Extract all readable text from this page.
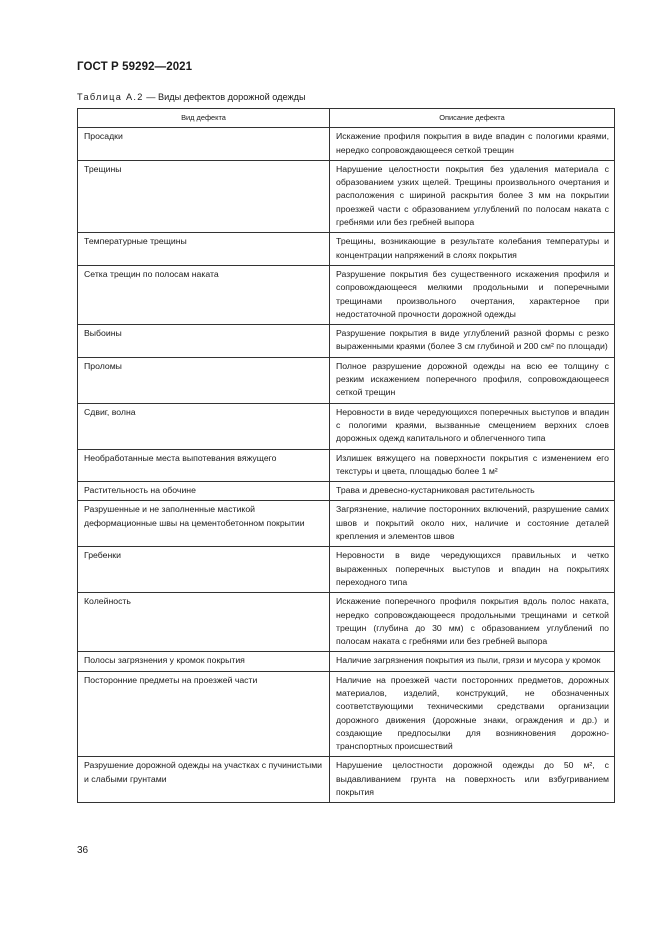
ГОСТ Р 59292—2021
Таблица А.2 — Виды дефектов дорожной одежды
Вид дефекта	Описание дефекта
Просадки	Искажение профиля покрытия в виде впадин с пологими краями, нередко сопровождающееся сеткой трещин
Трещины	Нарушение целостности покрытия без удаления материала с образованием узких щелей. Трещины произвольного очертания и расположения с шириной раскрытия более 3 мм на покрытии проезжей части с образованием углублений по полосам наката с гребнями или без гребней выпора
Температурные трещины	Трещины, возникающие в результате колебания температуры и концентрации напряжений в слоях покрытия
Сетка трещин по полосам наката	Разрушение покрытия без существенного искажения профиля и сопровождающееся мелкими продольными и поперечными трещинами произвольного очертания, характерное при недостаточной прочности дорожной одежды
Выбоины	Разрушение покрытия в виде углублений разной формы с резко выраженными краями (более 3 см глубиной и 200 см² по площади)
Проломы	Полное разрушение дорожной одежды на всю ее толщину с резким искажением поперечного профиля, сопровождающееся сеткой трещин
Сдвиг, волна	Неровности в виде чередующихся поперечных выступов и впадин с пологими краями, вызванные смещением верхних слоев дорожных одежд капитального и облегченного типа
Необработанные места выпотевания вяжущего	Излишек вяжущего на поверхности покрытия с изменением его текстуры и цвета, площадью более 1 м²
Растительность на обочине	Трава и древесно-кустарниковая растительность
Разрушенные и не заполненные мастикой деформационные швы на цементобетонном покрытии	Загрязнение, наличие посторонних включений, разрушение самих швов и покрытий около них, наличие и состояние деталей крепления и элементов швов
Гребенки	Неровности в виде чередующихся правильных и четко выраженных поперечных выступов и впадин на покрытиях переходного типа
Колейность	Искажение поперечного профиля покрытия вдоль полос наката, нередко сопровождающееся продольными трещинами и сеткой трещин (глубина до 30 мм) с образованием углублений по полосам наката с гребнями или без гребней выпора
Полосы загрязнения у кромок покрытия	Наличие загрязнения покрытия из пыли, грязи и мусора у кромок
Посторонние предметы на проезжей части	Наличие на проезжей части посторонних предметов, дорожных материалов, изделий, конструкций, не обозначенных соответствующими техническими средствами организации дорожного движения (дорожные знаки, ограждения и др.) и создающие предпосылки для возникновения дорожно-транспортных происшествий
Разрушение дорожной одежды на участках с пучинистыми и слабыми грунтами	Нарушение целостности дорожной одежды до 50 м², с выдавливанием грунта на поверхность или взбугриванием покрытия
36
